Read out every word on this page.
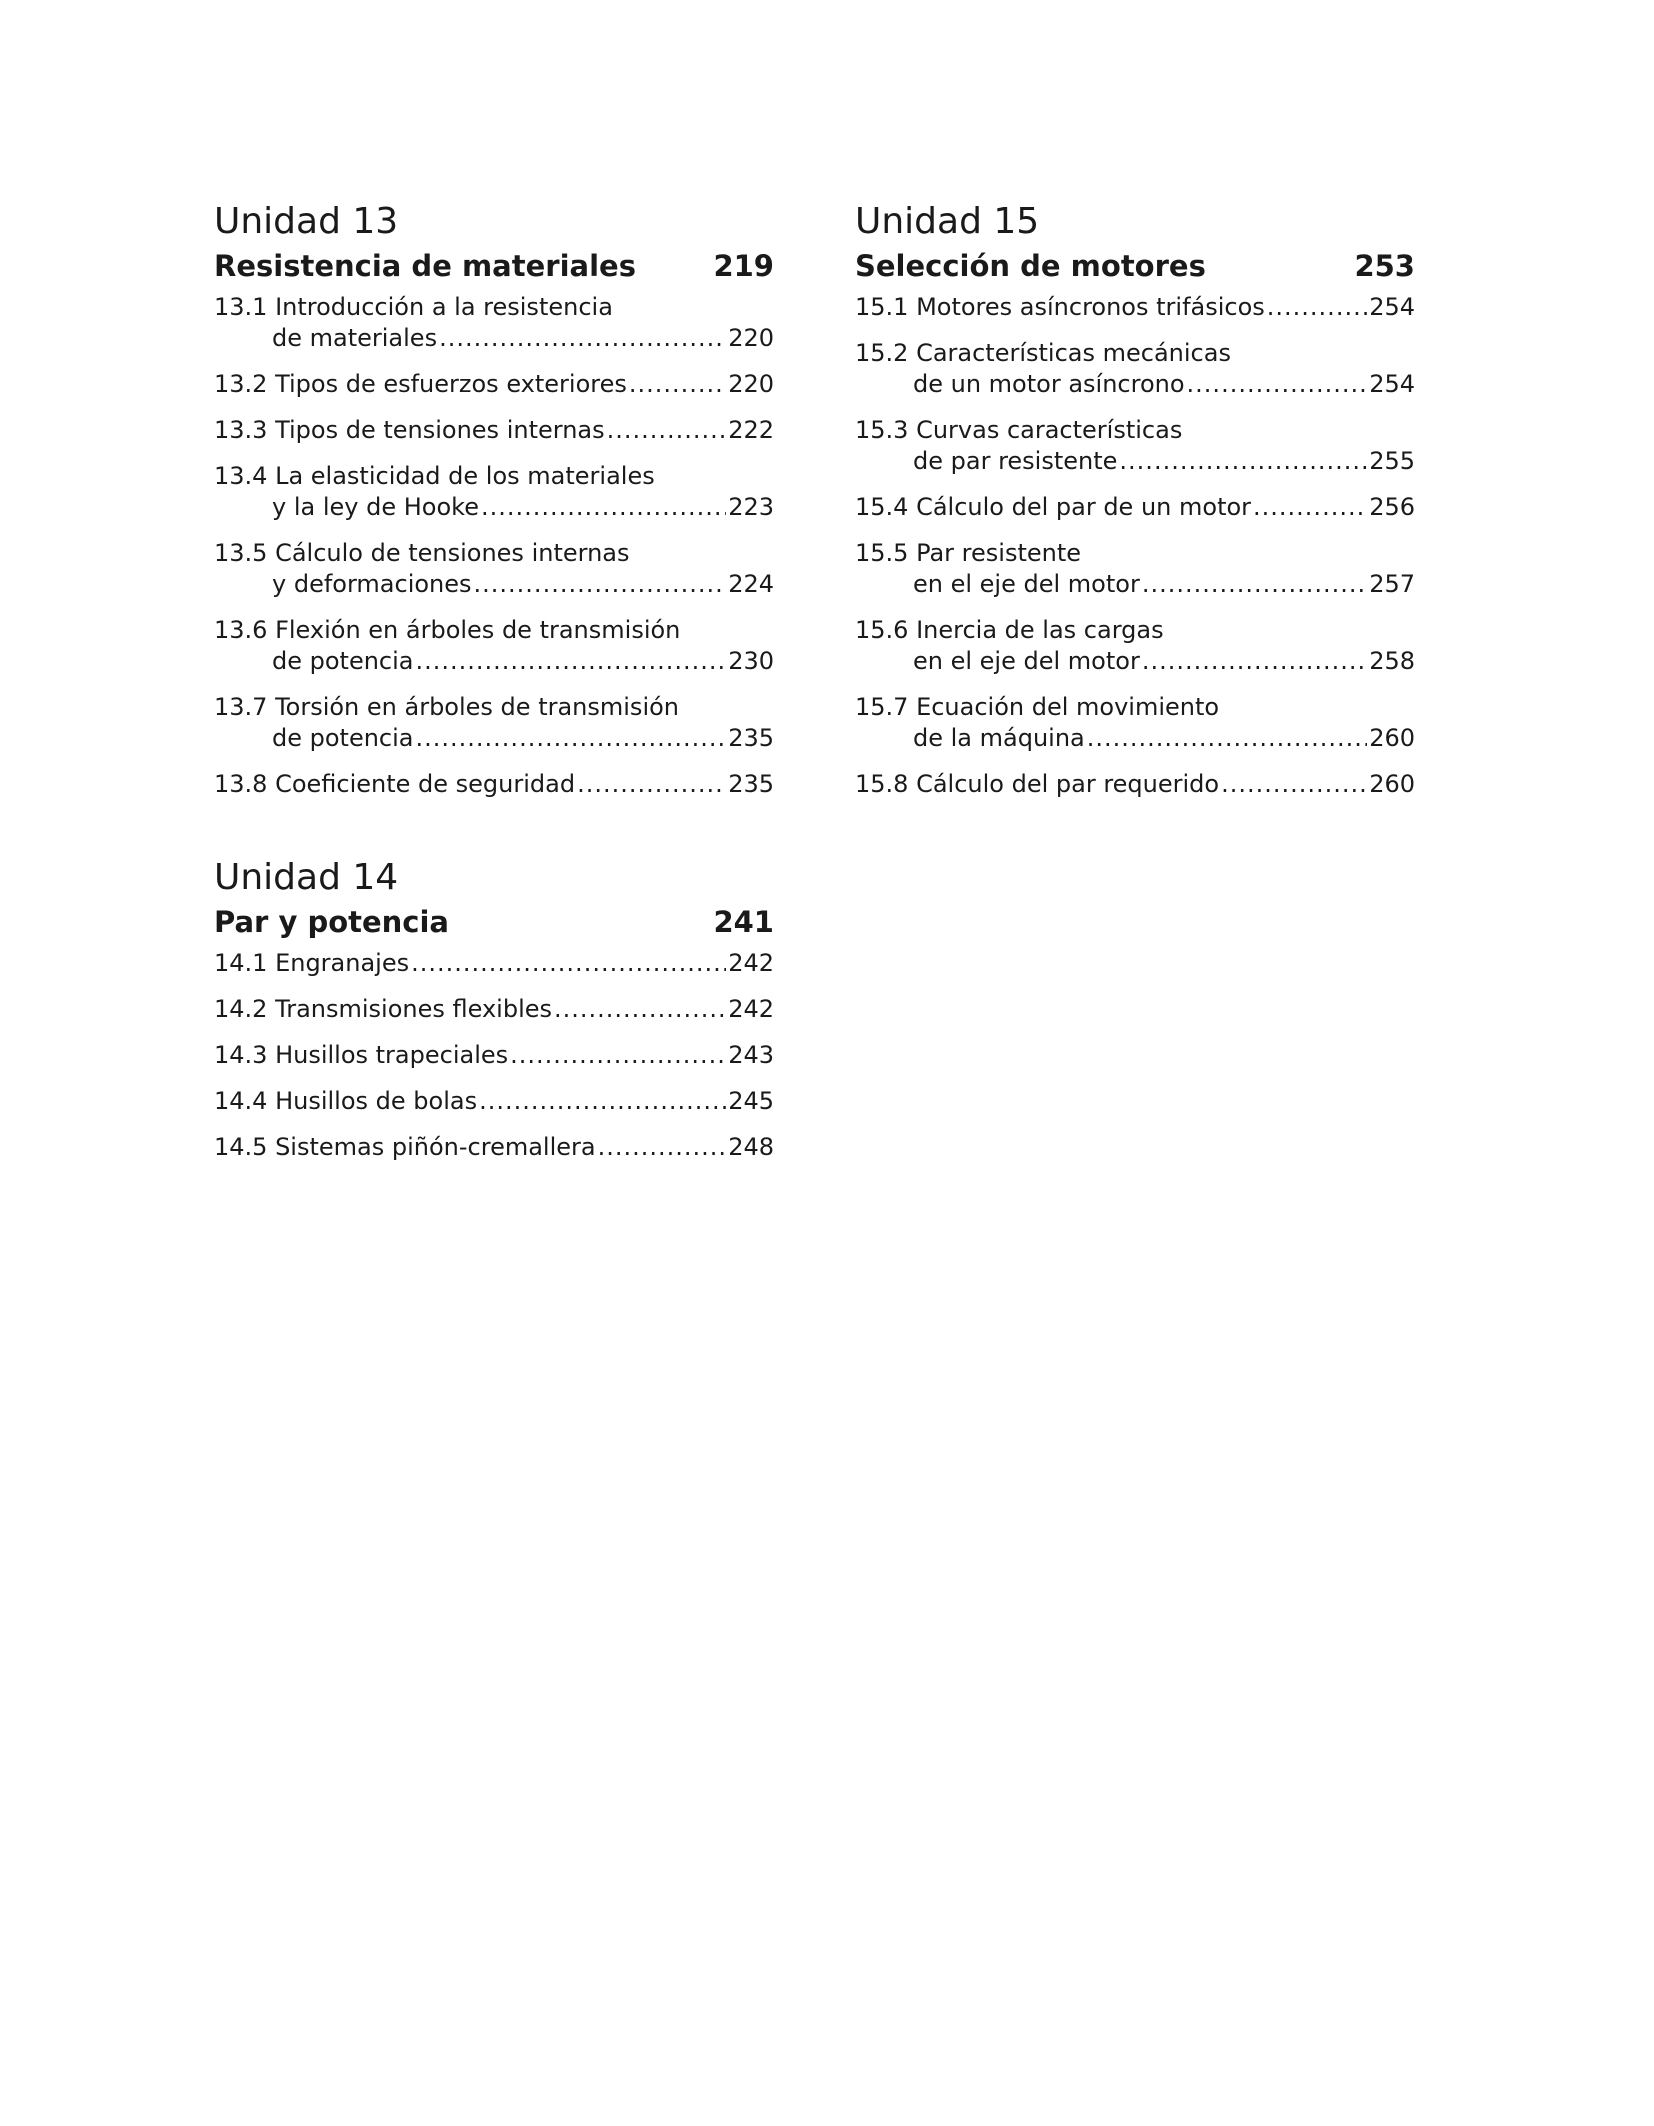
Unidad 13
Resistencia de materiales	219
13.1 Introducción a la resistencia
de materiales .....	220
13.2 Tipos de esfuerzos exteriores .....	220
13.3 Tipos de tensiones internas .....	222
13.4 La elasticidad de los materiales
y la ley de Hooke .....	223
13.5 Cálculo de tensiones internas
y deformaciones .....	224
13.6 Flexión en árboles de transmisión
de potencia .....	230
13.7 Torsión en árboles de transmisión
de potencia .....	235
13.8 Coeficiente de seguridad .....	235
Unidad 14
Par y potencia	241
14.1 Engranajes .....	242
14.2 Transmisiones flexibles .....	242
14.3 Husillos trapeciales .....	243
14.4 Husillos de bolas .....	245
14.5 Sistemas piñón-cremallera .....	248
Unidad 15
Selección de motores	253
15.1 Motores asíncronos trifásicos .....	254
15.2 Características mecánicas
de un motor asíncrono .....	254
15.3 Curvas características
de par resistente .....	255
15.4 Cálculo del par de un motor .....	256
15.5 Par resistente
en el eje del motor .....	257
15.6 Inercia de las cargas
en el eje del motor .....	258
15.7 Ecuación del movimiento
de la máquina .....	260
15.8 Cálculo del par requerido .....	260
